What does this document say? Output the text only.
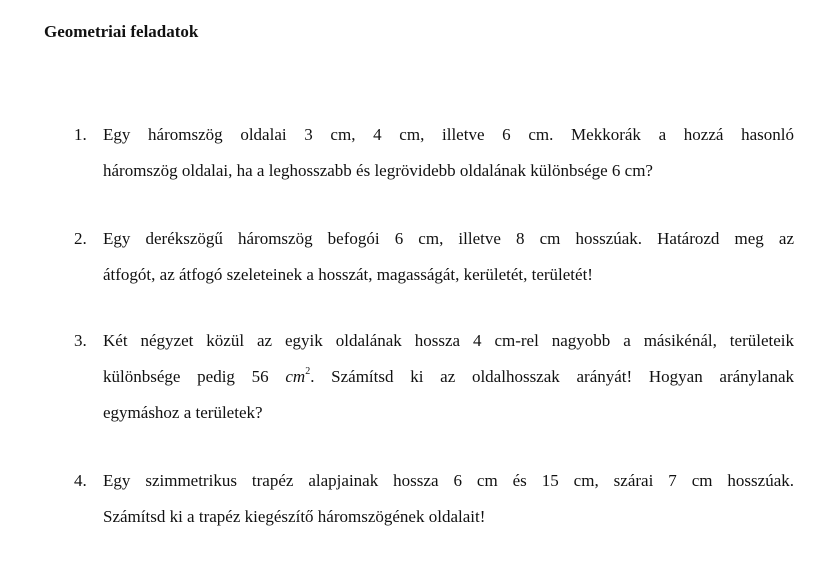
Geometriai feladatok
1. Egy háromszög oldalai 3 cm, 4 cm, illetve 6 cm. Mekkorák a hozzá hasonló
háromszög oldalai, ha a leghosszabb és legrövidebb oldalának különbsége 6 cm?
2. Egy derékszögű háromszög befogói 6 cm, illetve 8 cm hosszúak. Határozd meg az
átfogót, az átfogó szeleteinek a hosszát, magasságát, kerületét, területét!
3. Két négyzet közül az egyik oldalának hossza 4 cm-rel nagyobb a másikénál, területeik
különbsége pedig 56 $cm^2$. Számítsd ki az oldalhosszak arányát! Hogyan aránylanak
egymáshoz a területek?
4. Egy szimmetrikus trapéz alapjainak hossza 6 cm és 15 cm, szárai 7 cm hosszúak.
Számítsd ki a trapéz kiegészítő háromszögének oldalait!
